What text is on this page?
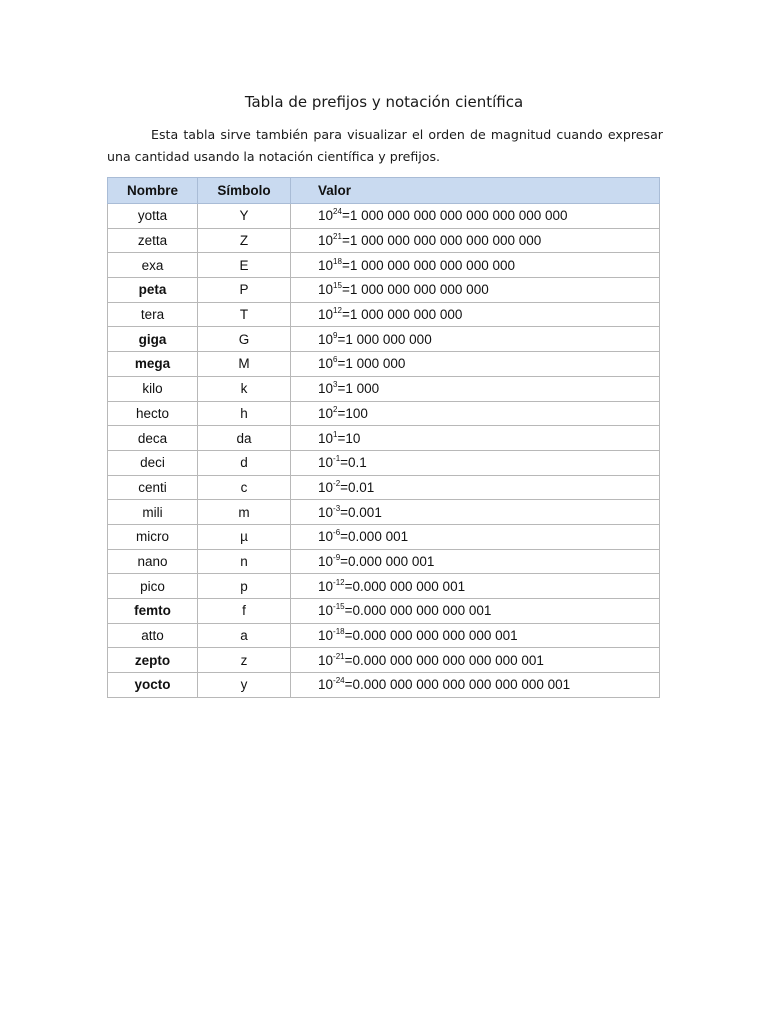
Tabla de prefijos y notación científica

Esta tabla sirve también para visualizar el orden de magnitud cuando expresar una cantidad usando la notación científica y prefijos.

Nombre	Símbolo	Valor
yotta	Y	$10^{24}=1$ 000 000 000 000 000 000 000 000
zetta	Z	$10^{21}=1$ 000 000 000 000 000 000 000
exa	E	$10^{18}=1$ 000 000 000 000 000 000
peta	P	$10^{15}=1$ 000 000 000 000 000
tera	T	$10^{12}=1$ 000 000 000 000
giga	G	$10^9=1$ 000 000 000
mega	M	$10^6=1$ 000 000
kilo	k	$10^3=1$ 000
hecto	h	$10^2=100$
deca	da	$10^1=10$
deci	d	$10^{-1}=0.1$
centi	c	$10^{-2}=0.01$
mili	m	$10^{-3}=0.001$
micro	µ	$10^{-6}=0.000$ 001
nano	n	$10^{-9}=0.000$ 000 001
pico	p	$10^{-12}=0.000$ 000 000 001
femto	f	$10^{-15}=0.000$ 000 000 000 001
atto	a	$10^{-18}=0.000$ 000 000 000 000 001
zepto	z	$10^{-21}=0.000$ 000 000 000 000 000 001
yocto	y	$10^{-24}=0.000$ 000 000 000 000 000 000 001
